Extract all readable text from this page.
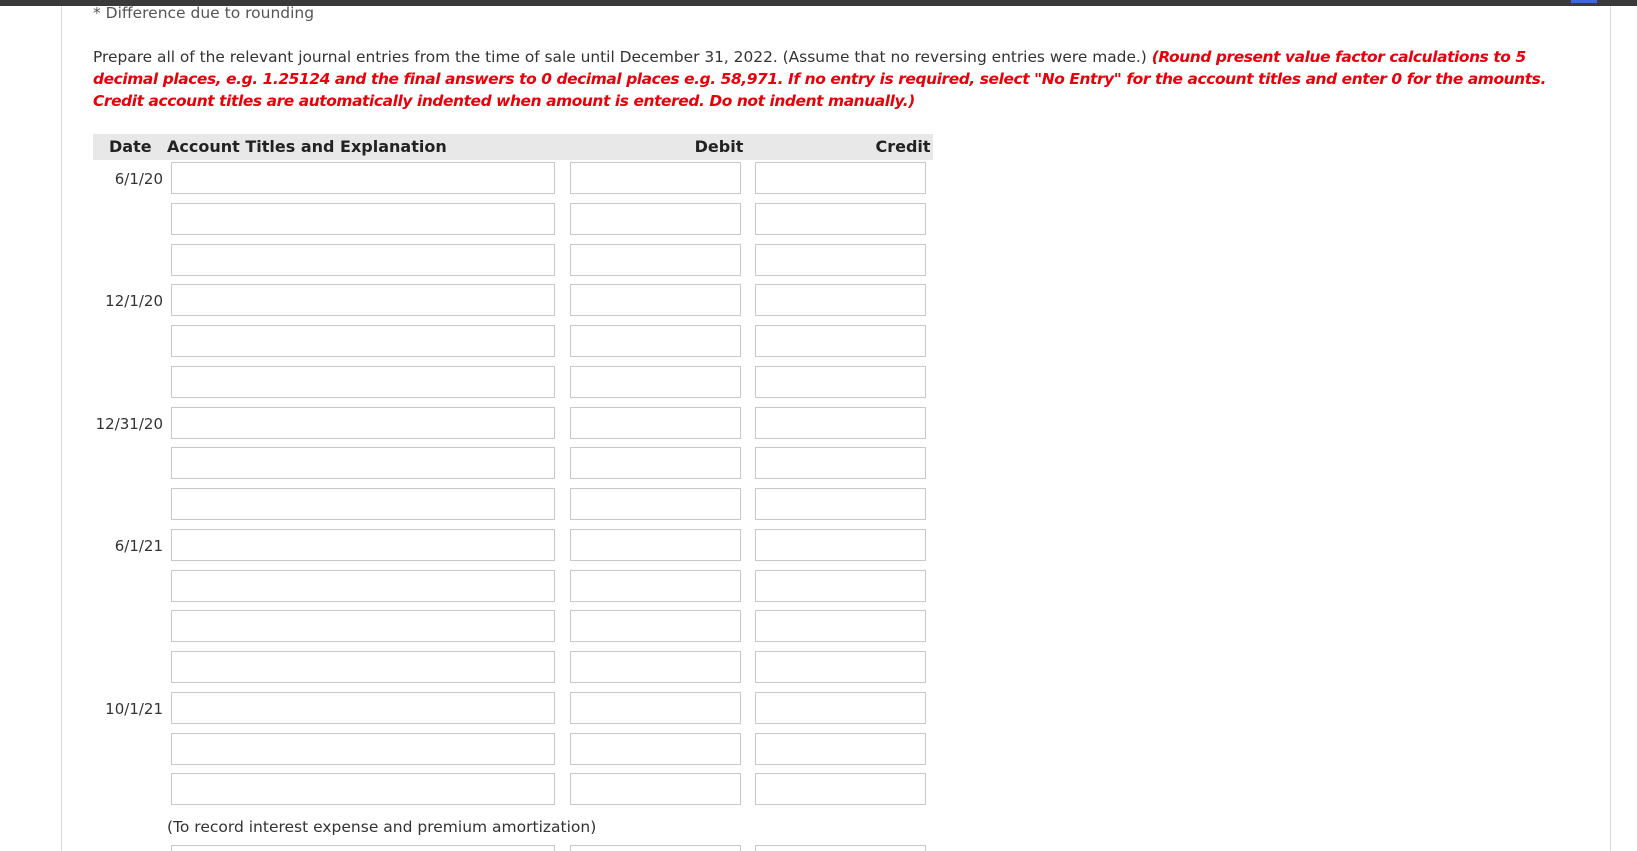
* Difference due to rounding
Prepare all of the relevant journal entries from the time of sale until December 31, 2022. (Assume that no reversing entries were made.) (Round present value factor calculations to 5 decimal places, e.g. 1.25124 and the final answers to 0 decimal places e.g. 58,971. If no entry is required, select "No Entry" for the account titles and enter 0 for the amounts. Credit account titles are automatically indented when amount is entered. Do not indent manually.)
Date Account Titles and Explanation	Debit	Credit
6/1/20
12/1/20
12/31/20
6/1/21
10/1/21
(To record interest expense and premium amortization)
